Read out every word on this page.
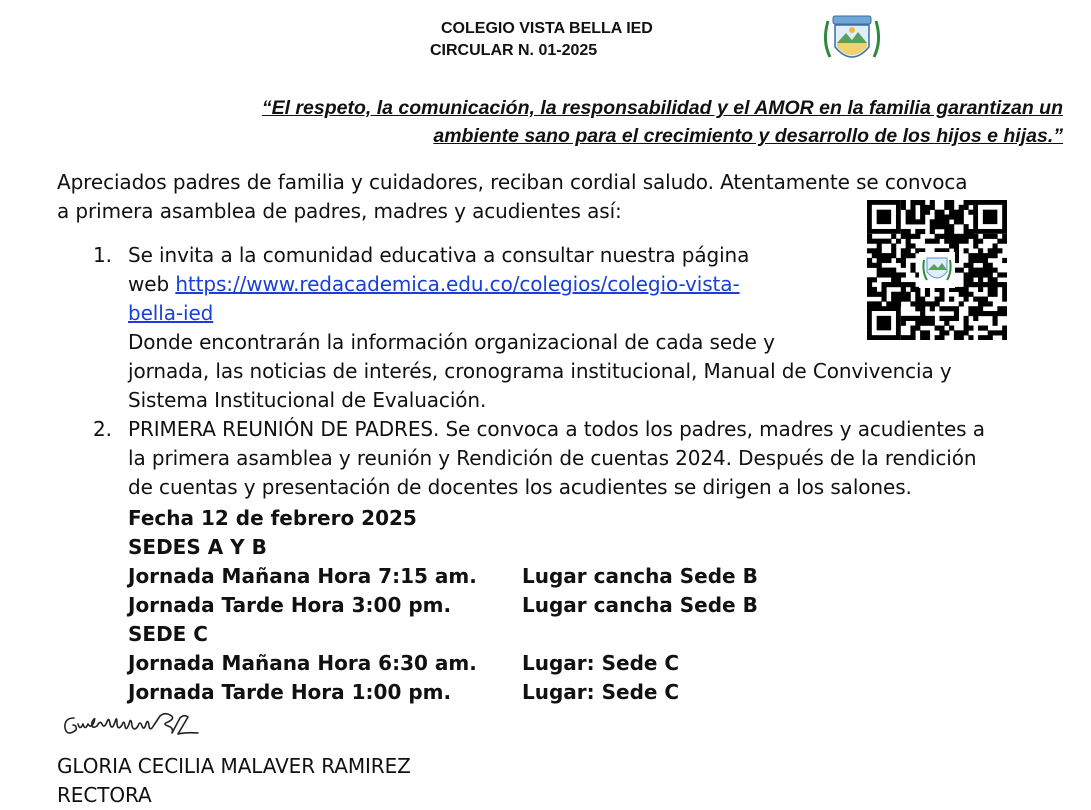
COLEGIO VISTA BELLA IED
CIRCULAR N. 01-2025
“El respeto, la comunicación, la responsabilidad y el AMOR en la familia garantizan un
ambiente sano para el crecimiento y desarrollo de los hijos e hijas.”
Apreciados padres de familia y cuidadores, reciban cordial saludo. Atentamente se convoca
a primera asamblea de padres, madres y acudientes así:
1. Se invita a la comunidad educativa a consultar nuestra página
web https://www.redacademica.edu.co/colegios/colegio-vista-
bella-ied
Donde encontrarán la información organizacional de cada sede y
jornada, las noticias de interés, cronograma institucional, Manual de Convivencia y
Sistema Institucional de Evaluación.
2. PRIMERA REUNIÓN DE PADRES. Se convoca a todos los padres, madres y acudientes a
la primera asamblea y reunión y Rendición de cuentas 2024. Después de la rendición
de cuentas y presentación de docentes los acudientes se dirigen a los salones.
Fecha 12 de febrero 2025
SEDES A Y B
Jornada Mañana Hora 7:15 am. Lugar cancha Sede B
Jornada Tarde Hora 3:00 pm.	Lugar cancha Sede B
SEDE C
Jornada Mañana Hora 6:30 am. Lugar: Sede C
Jornada Tarde Hora 1:00 pm.	Lugar: Sede C
GLORIA CECILIA MALAVER RAMIREZ
RECTORA
